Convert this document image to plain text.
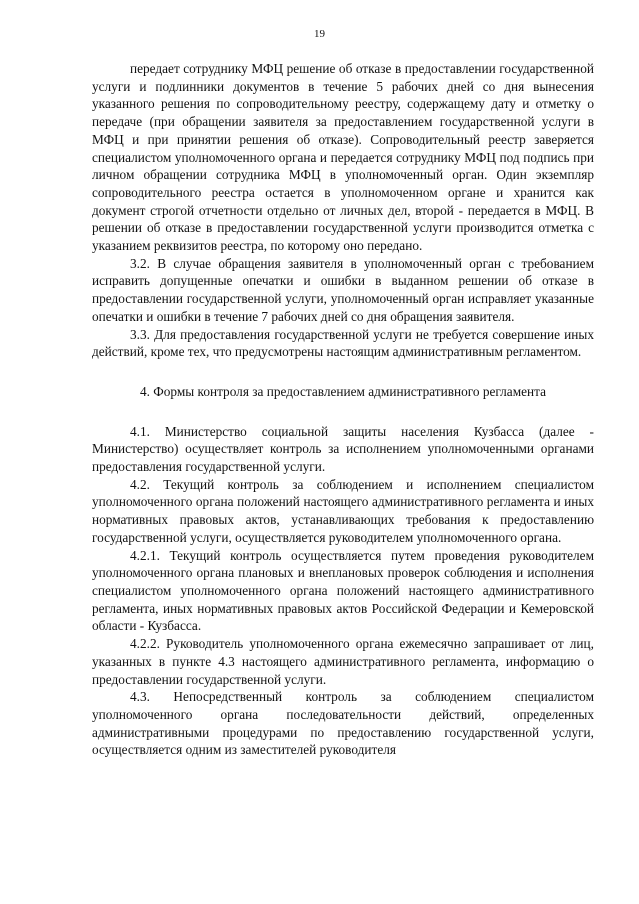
19

передает сотруднику МФЦ решение об отказе в предоставлении государственной услуги и подлинники документов в течение 5 рабочих дней со дня вынесения указанного решения по сопроводительному реестру, содержащему дату и отметку о передаче (при обращении заявителя за предоставлением государственной услуги в МФЦ и при принятии решения об отказе). Сопроводительный реестр заверяется специалистом уполномоченного органа и передается сотруднику МФЦ под подпись при личном обращении сотрудника МФЦ в уполномоченный орган. Один экземпляр сопроводительного реестра остается в уполномоченном органе и хранится как документ строгой отчетности отдельно от личных дел, второй - передается в МФЦ. В решении об отказе в предоставлении государственной услуги производится отметка с указанием реквизитов реестра, по которому оно передано.

3.2. В случае обращения заявителя в уполномоченный орган с требованием исправить допущенные опечатки и ошибки в выданном решении об отказе в предоставлении государственной услуги, уполномоченный орган исправляет указанные опечатки и ошибки в течение 7 рабочих дней со дня обращения заявителя.

3.3. Для предоставления государственной услуги не требуется совершение иных действий, кроме тех, что предусмотрены настоящим административным регламентом.

4. Формы контроля за предоставлением административного регламента

4.1. Министерство социальной защиты населения Кузбасса (далее - Министерство) осуществляет контроль за исполнением уполномоченными органами предоставления государственной услуги.

4.2. Текущий контроль за соблюдением и исполнением специалистом уполномоченного органа положений настоящего административного регламента и иных нормативных правовых актов, устанавливающих требования к предоставлению государственной услуги, осуществляется руководителем уполномоченного органа.

4.2.1. Текущий контроль осуществляется путем проведения руководителем уполномоченного органа плановых и внеплановых проверок соблюдения и исполнения специалистом уполномоченного органа положений настоящего административного регламента, иных нормативных правовых актов Российской Федерации и Кемеровской области - Кузбасса.

4.2.2. Руководитель уполномоченного органа ежемесячно запрашивает от лиц, указанных в пункте 4.3 настоящего административного регламента, информацию о предоставлении государственной услуги.

4.3. Непосредственный контроль за соблюдением специалистом уполномоченного органа последовательности действий, определенных административными процедурами по предоставлению государственной услуги, осуществляется одним из заместителей руководителя
